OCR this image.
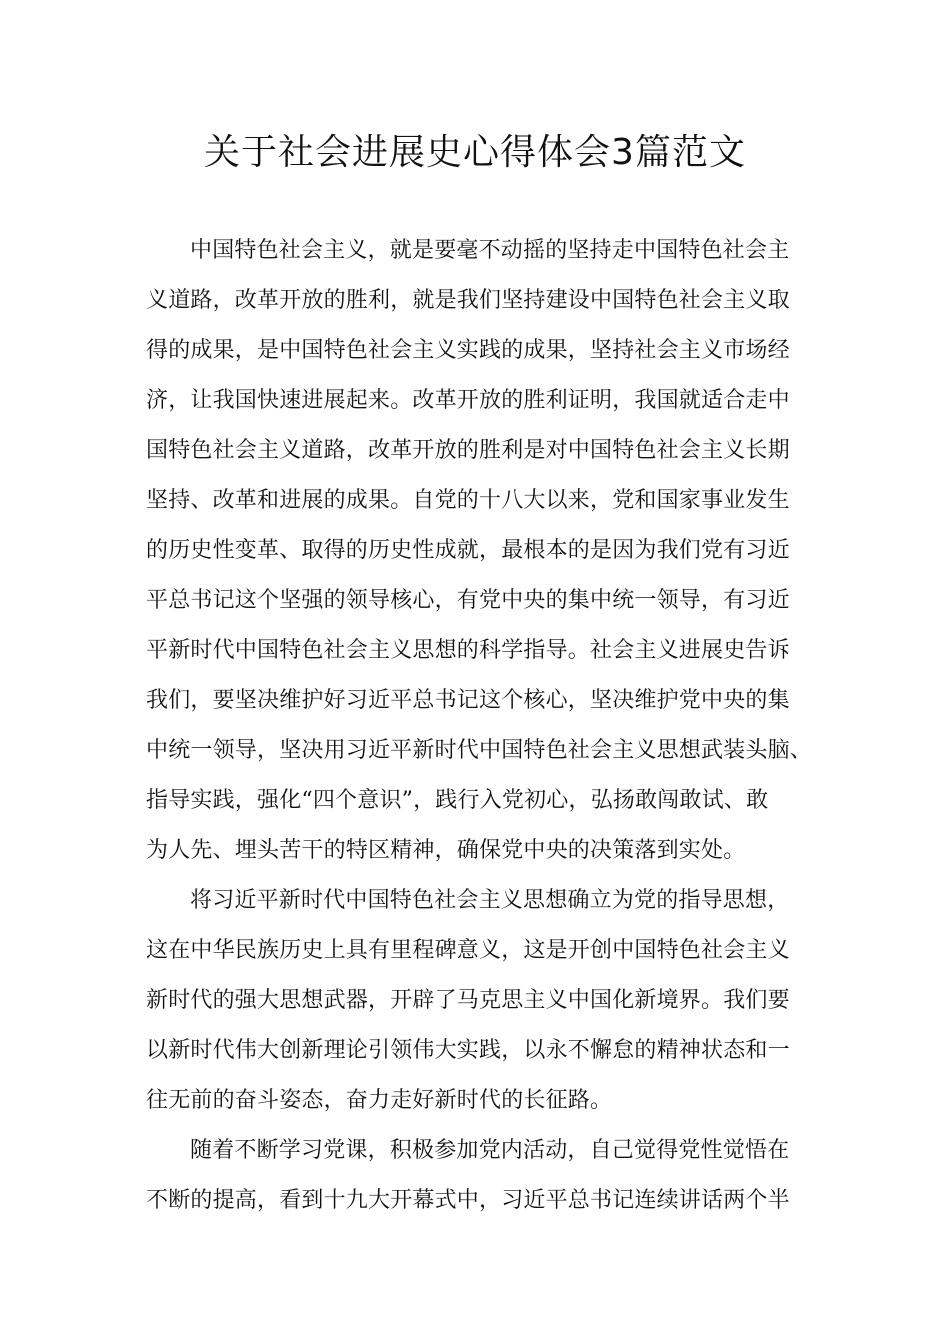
关于社会进展史心得体会3篇范文
中国特色社会主义，就是要毫不动摇的坚持走中国特色社会主
义道路，改革开放的胜利，就是我们坚持建设中国特色社会主义取
得的成果，是中国特色社会主义实践的成果，坚持社会主义市场经
济，让我国快速进展起来。改革开放的胜利证明，我国就适合走中
国特色社会主义道路，改革开放的胜利是对中国特色社会主义长期
坚持、改革和进展的成果。自党的十八大以来，党和国家事业发生
的历史性变革、取得的历史性成就，最根本的是因为我们党有习近
平总书记这个坚强的领导核心，有党中央的集中统一领导，有习近
平新时代中国特色社会主义思想的科学指导。社会主义进展史告诉
我们，要坚决维护好习近平总书记这个核心，坚决维护党中央的集
中统一领导，坚决用习近平新时代中国特色社会主义思想武装头脑、
指导实践，强化“四个意识”，践行入党初心，弘扬敢闯敢试、敢
为人先、埋头苦干的特区精神，确保党中央的决策落到实处。
将习近平新时代中国特色社会主义思想确立为党的指导思想，
这在中华民族历史上具有里程碑意义，这是开创中国特色社会主义
新时代的强大思想武器，开辟了马克思主义中国化新境界。我们要
以新时代伟大创新理论引领伟大实践，以永不懈怠的精神状态和一
往无前的奋斗姿态，奋力走好新时代的长征路。
随着不断学习党课，积极参加党内活动，自己觉得党性觉悟在
不断的提高，看到十九大开幕式中，习近平总书记连续讲话两个半
